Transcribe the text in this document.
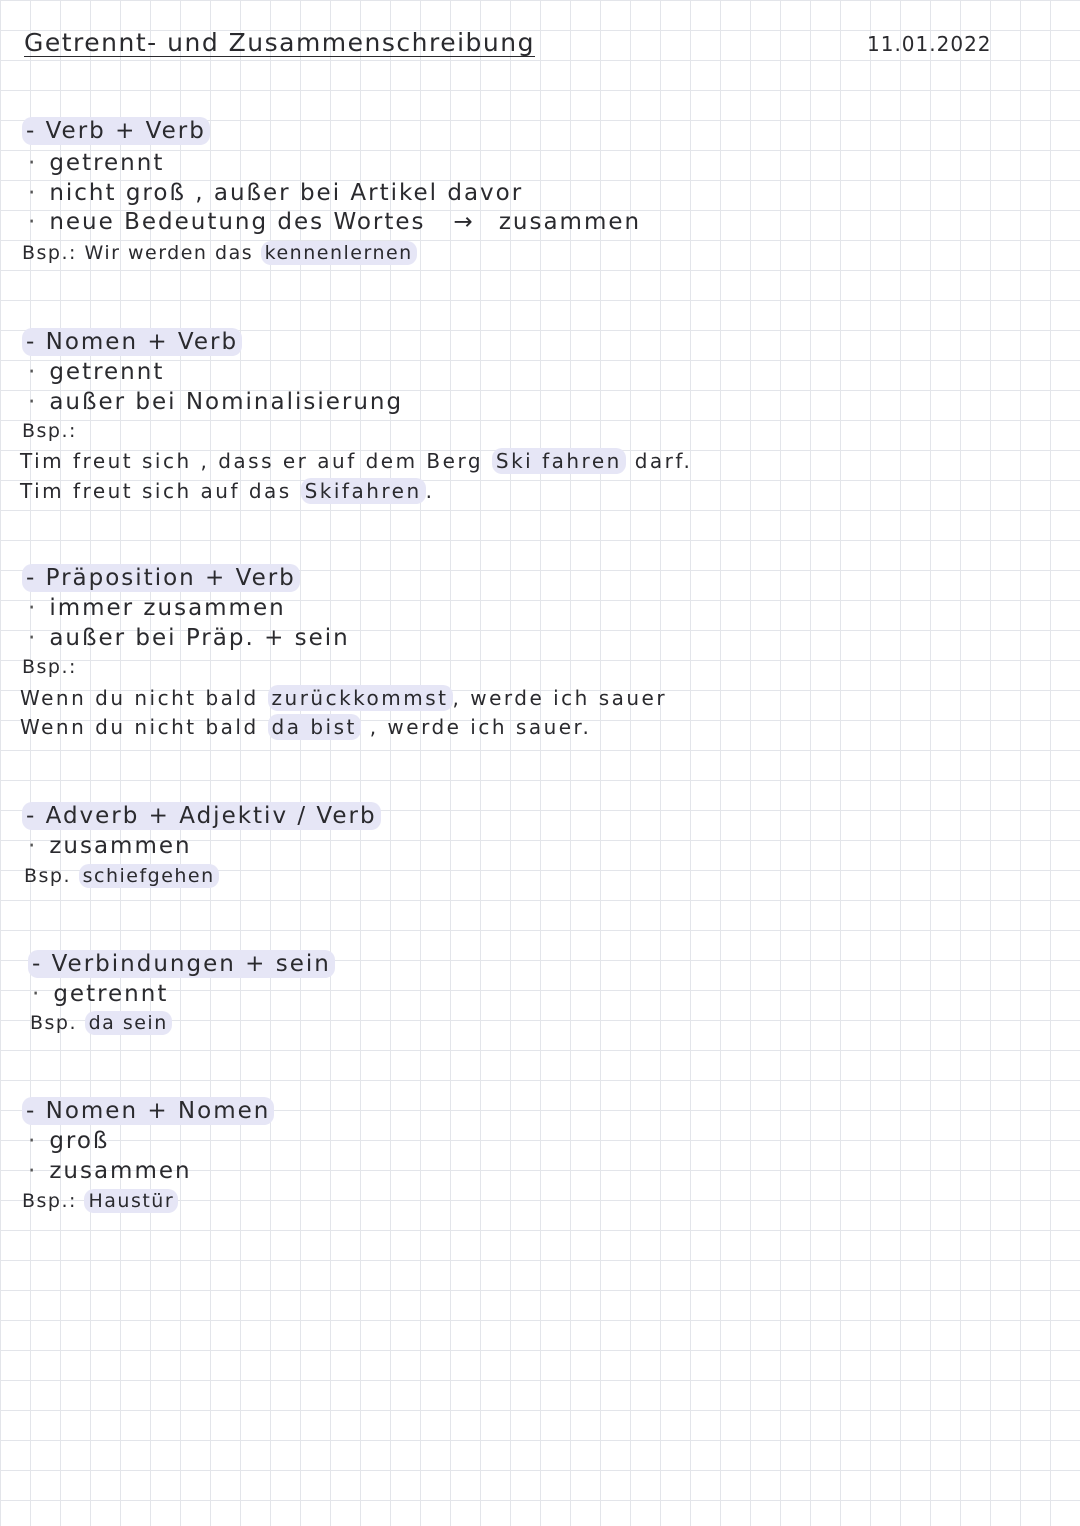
Getrennt- und Zusammenschreibung	11.01.2022
- Verb + Verb
· getrennt
· nicht groß , außer bei Artikel davor
· neue Bedeutung des Wortes → zusammen
Bsp.: Wir werden das kennenlernen
- Nomen + Verb
· getrennt
· außer bei Nominalisierung
Bsp.:
Tim freut sich , dass er auf dem Berg Ski fahren darf.
Tim freut sich auf das Skifahren .
- Präposition + Verb
· immer zusammen
· außer bei Präp. + sein
Bsp.:
Wenn du nicht bald zurückkommst , werde ich sauer
Wenn du nicht bald da bist , werde ich sauer.
- Adverb + Adjektiv / Verb
· zusammen
Bsp. schiefgehen
- Verbindungen + sein
· getrennt
Bsp. da sein
- Nomen + Nomen
· groß
· zusammen
Bsp.: Haustür
